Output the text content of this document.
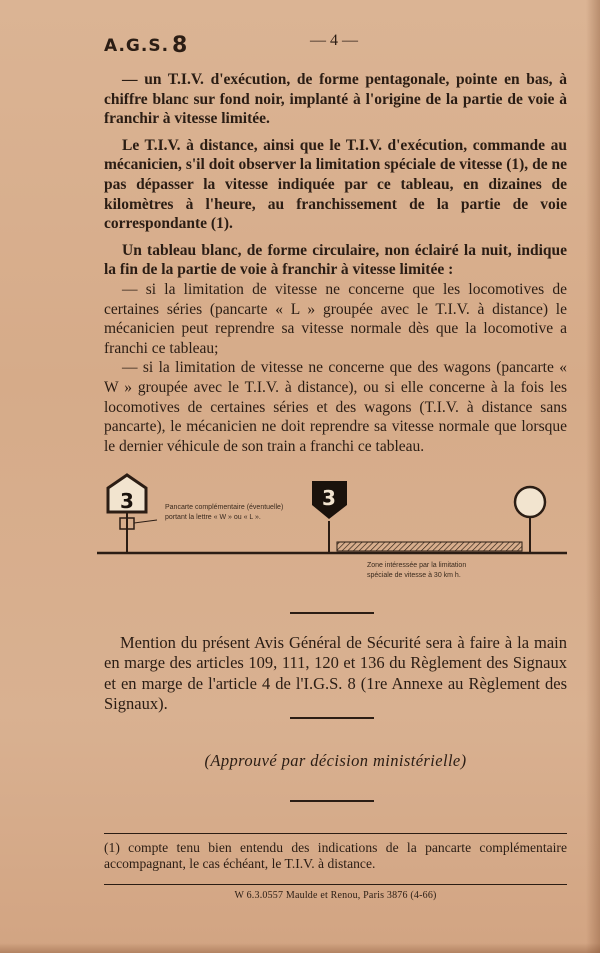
A.G.S. 8	— 4 —

— un T.I.V. d'exécution, de forme pentagonale, pointe en bas, à chiffre blanc sur fond noir, implanté à l'origine de la partie de voie à franchir à vitesse limitée.

Le T.I.V. à distance, ainsi que le T.I.V. d'exécution, commande au mécanicien, s'il doit observer la limitation spéciale de vitesse (1), de ne pas dépasser la vitesse indiquée par ce tableau, en dizaines de kilomètres à l'heure, au franchissement de la partie de voie correspondante (1).

Un tableau blanc, de forme circulaire, non éclairé la nuit, indique la fin de la partie de voie à franchir à vitesse limitée :

— si la limitation de vitesse ne concerne que les locomotives de certaines séries (pancarte « L » groupée avec le T.I.V. à distance) le mécanicien peut reprendre sa vitesse normale dès que la locomotive a franchi ce tableau;

— si la limitation de vitesse ne concerne que des wagons (pancarte « W » groupée avec le T.I.V. à distance), ou si elle concerne à la fois les locomotives de certaines séries et des wagons (T.I.V. à distance sans pancarte), le mécanicien ne doit reprendre sa vitesse normale que lorsque le dernier véhicule de son train a franchi ce tableau.

3	3
Pancarte complémentaire (éventuelle) portant la lettre « W » ou « L ».
Zone intéressée par la limitation spéciale de vitesse à 30 km h.
Mention du présent Avis Général de Sécurité sera à faire à la main en marge des articles 109, 111, 120 et 136 du Règlement des Signaux et en marge de l'article 4 de l'I.G.S. 8 (1re Annexe au Règlement des Signaux).
(Approuvé par décision ministérielle)
(1) compte tenu bien entendu des indications de la pancarte complémentaire accompagnant, le cas échéant, le T.I.V. à distance.
W 6.3.0557 Maulde et Renou, Paris 3876 (4-66)
